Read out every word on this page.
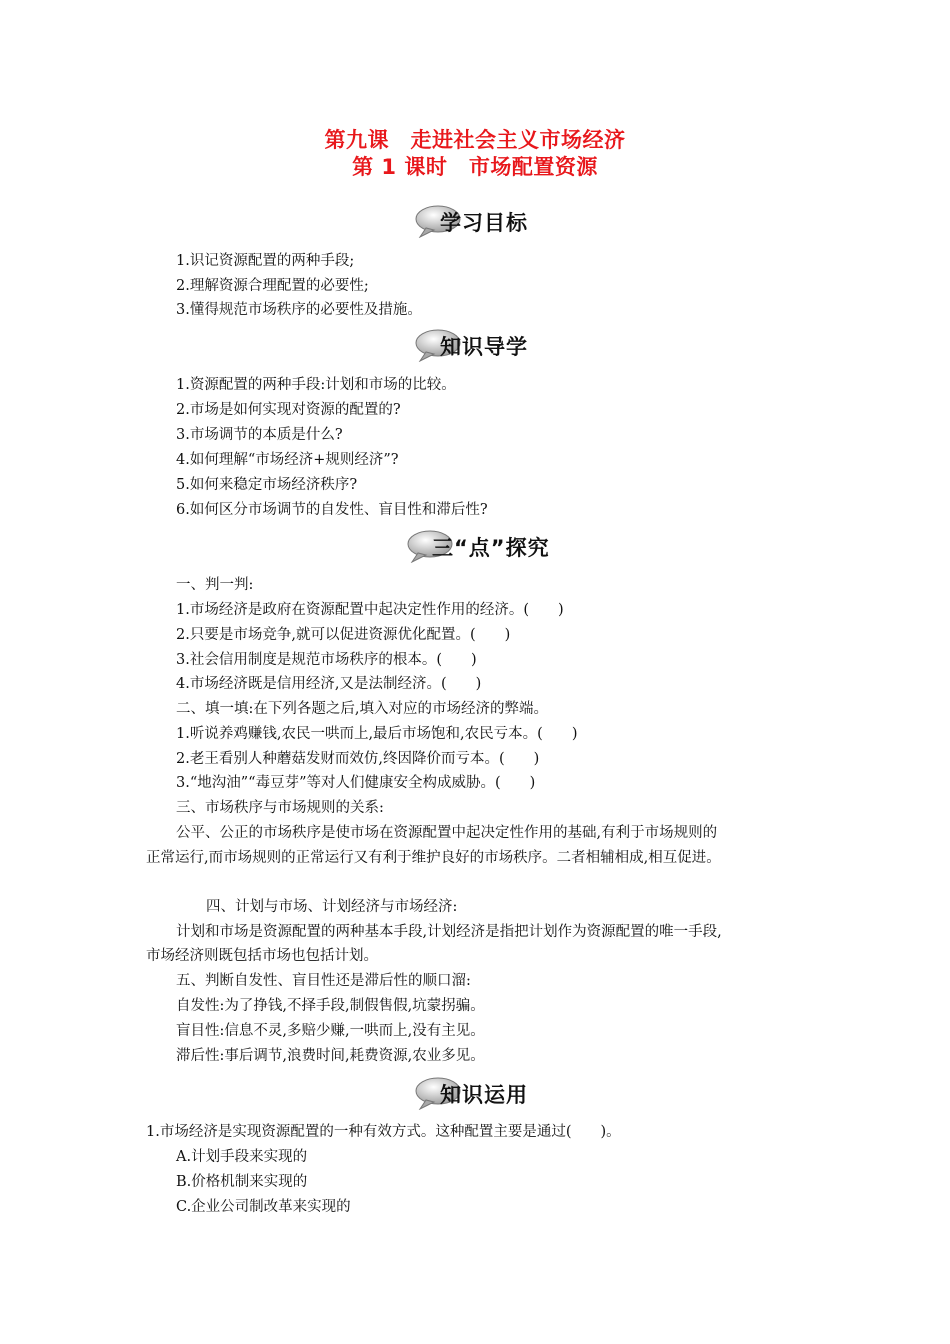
第九课　走进社会主义市场经济
第 1 课时　市场配置资源
学习目标
1.识记资源配置的两种手段;
2.理解资源合理配置的必要性;
3.懂得规范市场秩序的必要性及措施。
知识导学
1.资源配置的两种手段:计划和市场的比较。
2.市场是如何实现对资源的配置的?
3.市场调节的本质是什么?
4.如何理解“市场经济+规则经济”?
5.如何来稳定市场经济秩序?
6.如何区分市场调节的自发性、盲目性和滞后性?
三“点”探究
一、判一判:
1.市场经济是政府在资源配置中起决定性作用的经济。(　　)
2.只要是市场竞争,就可以促进资源优化配置。(　　)
3.社会信用制度是规范市场秩序的根本。(　　)
4.市场经济既是信用经济,又是法制经济。(　　)
二、填一填:在下列各题之后,填入对应的市场经济的弊端。
1.听说养鸡赚钱,农民一哄而上,最后市场饱和,农民亏本。(　　)
2.老王看别人种蘑菇发财而效仿,终因降价而亏本。(　　)
3.“地沟油”“毒豆芽”等对人们健康安全构成威胁。(　　)
三、市场秩序与市场规则的关系:
公平、公正的市场秩序是使市场在资源配置中起决定性作用的基础,有利于市场规则的
正常运行,而市场规则的正常运行又有利于维护良好的市场秩序。二者相辅相成,相互促进。
四、计划与市场、计划经济与市场经济:
计划和市场是资源配置的两种基本手段,计划经济是指把计划作为资源配置的唯一手段,
市场经济则既包括市场也包括计划。
五、判断自发性、盲目性还是滞后性的顺口溜:
自发性:为了挣钱,不择手段,制假售假,坑蒙拐骗。
盲目性:信息不灵,多赔少赚,一哄而上,没有主见。
滞后性:事后调节,浪费时间,耗费资源,农业多见。
知识运用
1.市场经济是实现资源配置的一种有效方式。这种配置主要是通过(　　)。
A.计划手段来实现的
B.价格机制来实现的
C.企业公司制改革来实现的
